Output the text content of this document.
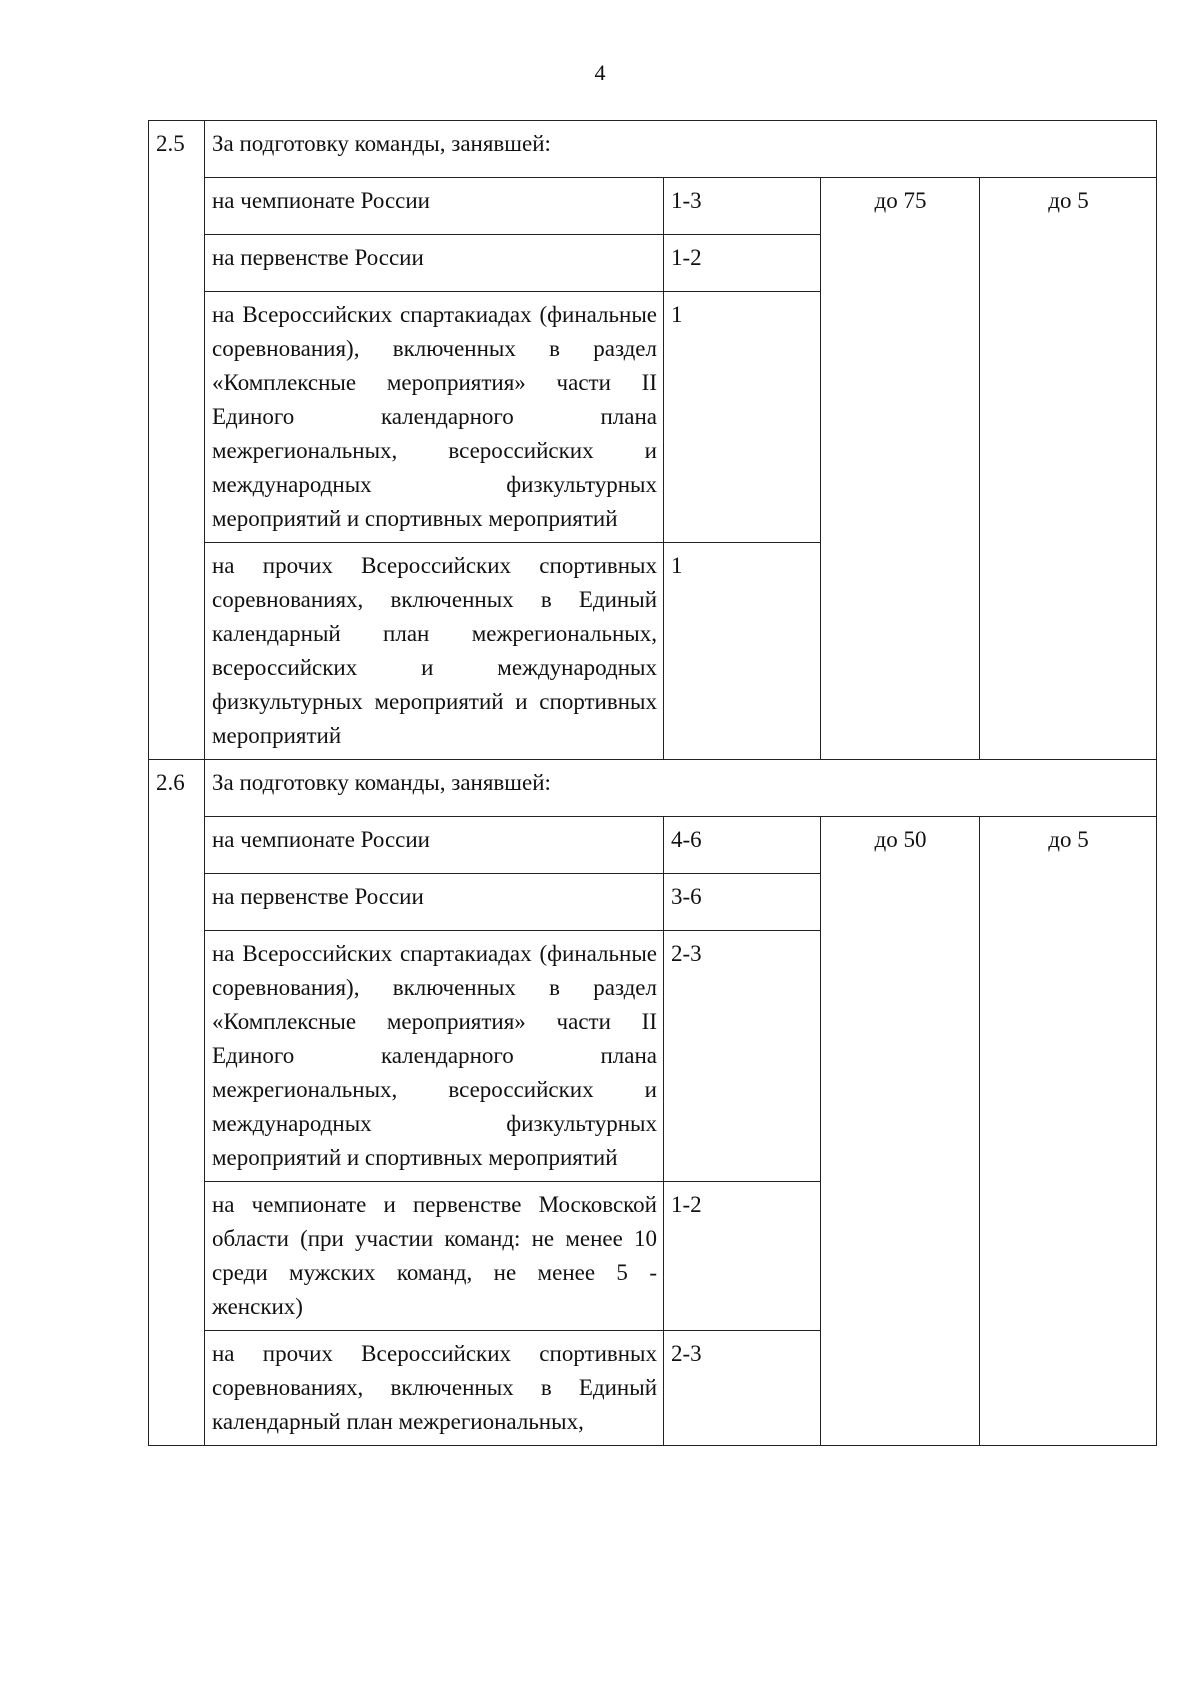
4
2.5	За подготовку команды, занявшей:			
	на чемпионате России	1-3	до 75	до 5
	на первенстве России	1-2		
	на Всероссийских спартакиадах (финальные соревнования), включенных в раздел «Комплексные мероприятия» части II Единого календарного плана межрегиональных, всероссийских и международных физкультурных мероприятий и спортивных мероприятий	1		
	на прочих Всероссийских спортивных соревнованиях, включенных в Единый календарный план межрегиональных, всероссийских и международных физкультурных мероприятий и спортивных мероприятий	1		
2.6	За подготовку команды, занявшей:			
	на чемпионате России	4-6	до 50	до 5
	на первенстве России	3-6		
	на Всероссийских спартакиадах (финальные соревнования), включенных в раздел «Комплексные мероприятия» части II Единого календарного плана межрегиональных, всероссийских и международных физкультурных мероприятий и спортивных мероприятий	2-3		
	на чемпионате и первенстве Московской области (при участии команд: не менее 10 среди мужских команд, не менее 5 - женских)	1-2		
	на прочих Всероссийских спортивных соревнованиях, включенных в Единый календарный план межрегиональных,	2-3		
